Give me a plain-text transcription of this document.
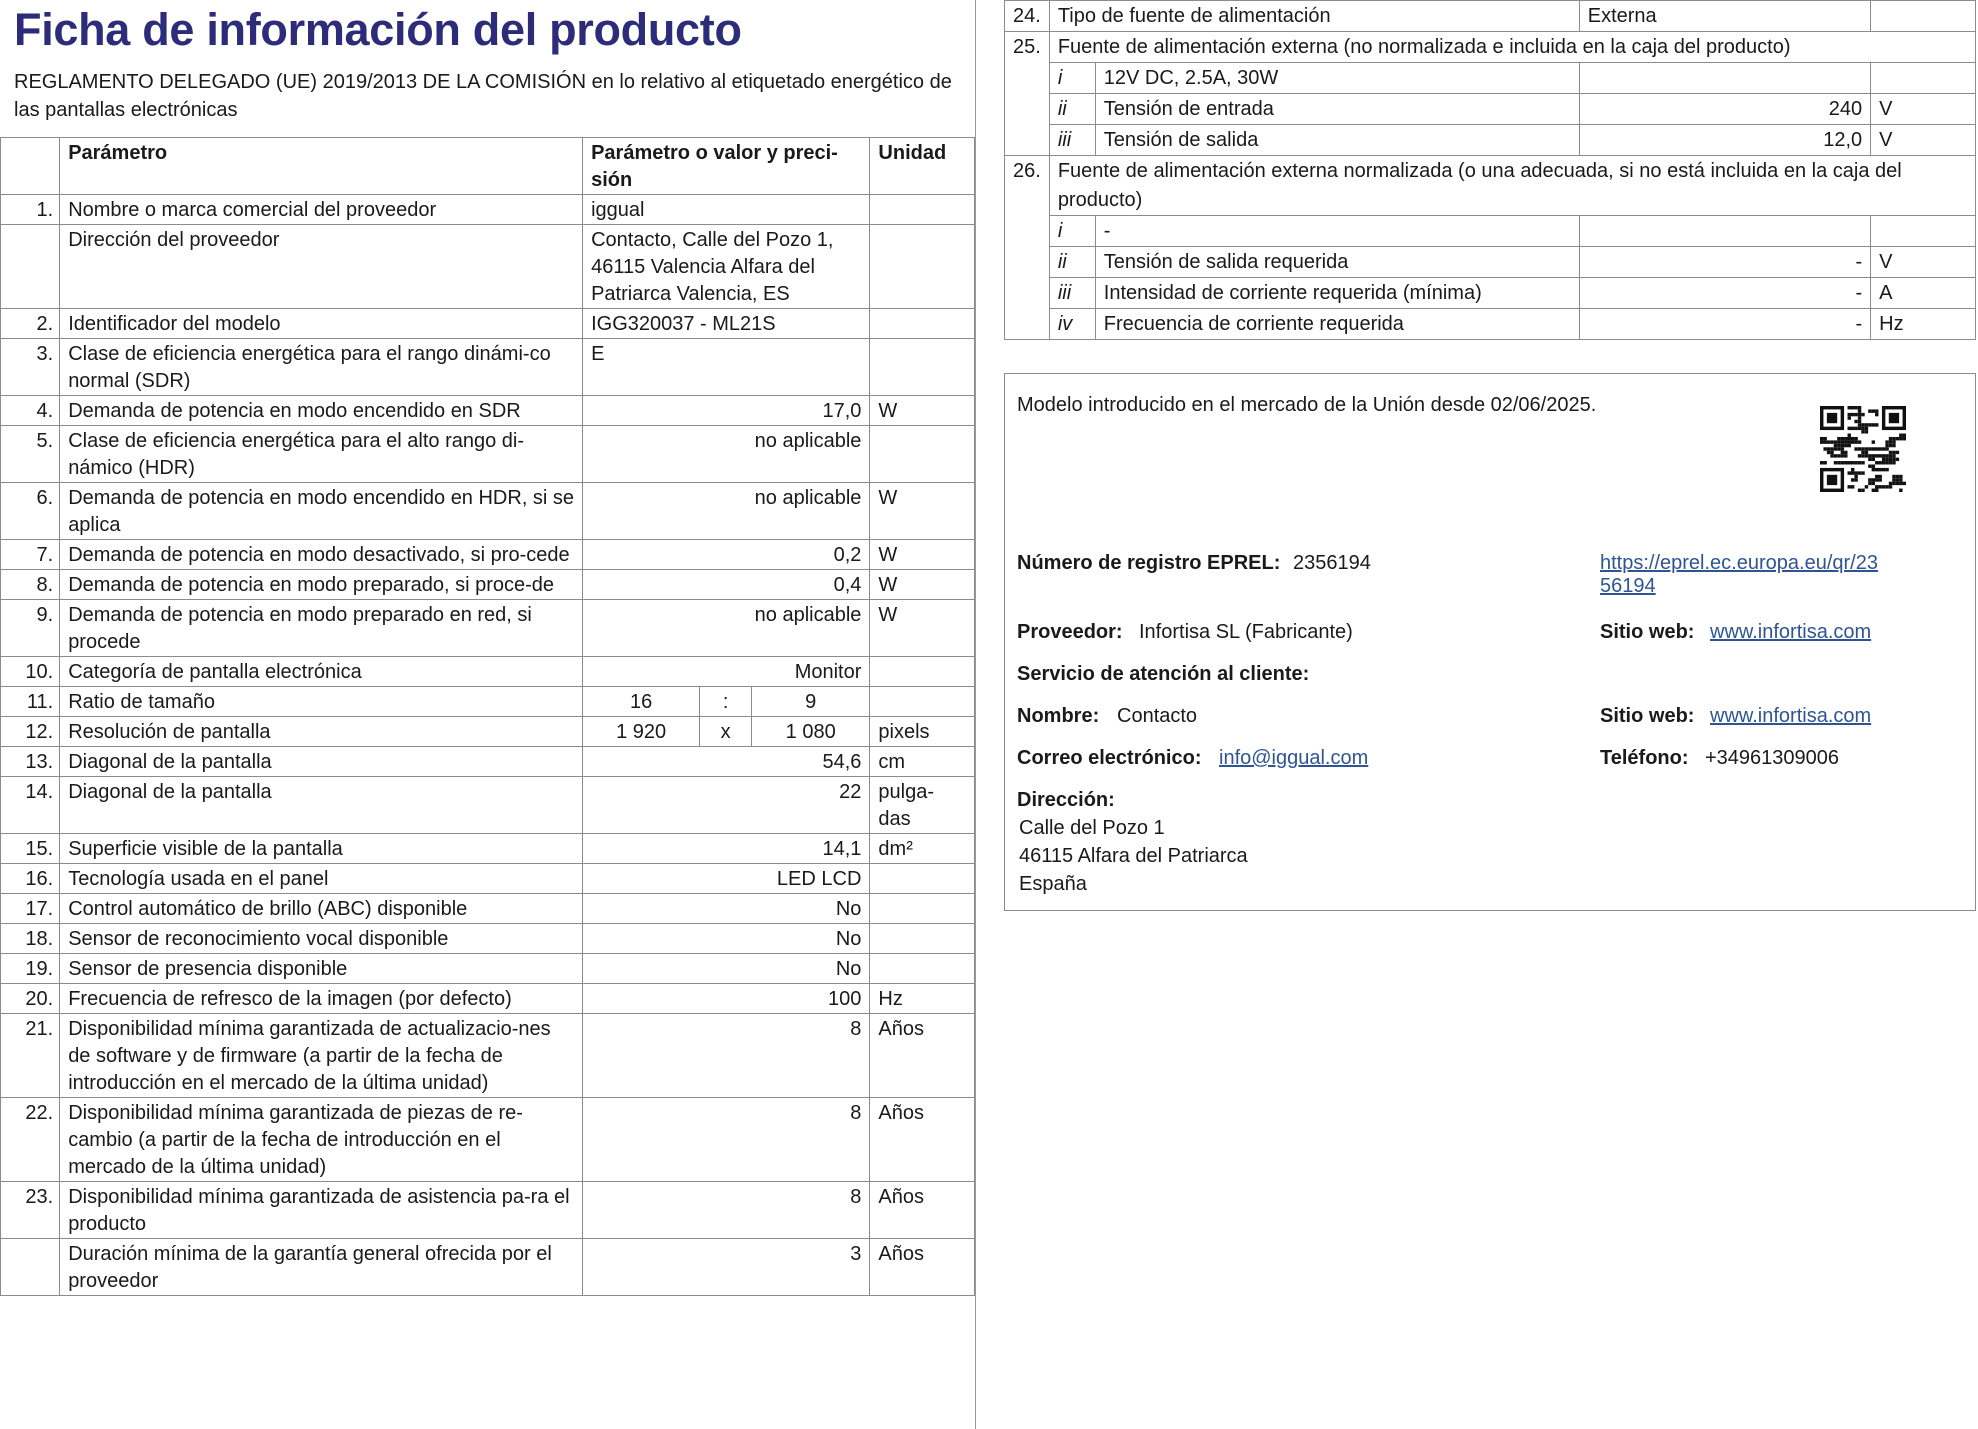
Ficha de información del producto
REGLAMENTO DELEGADO (UE) 2019/2013 DE LA COMISIÓN en lo relativo al etiquetado energético de las pantallas electrónicas
	Parámetro	Parámetro o valor y preci-sión			Unidad
1.	Nombre o marca comercial del proveedor	iggual			
	Dirección del proveedor	Contacto, Calle del Pozo 1, 46115 Valencia Alfara del Patriarca Valencia, ES			
2.	Identificador del modelo	IGG320037 - ML21S			
3.	Clase de eficiencia energética para el rango dinámi-co normal (SDR)	E			
4.	Demanda de potencia en modo encendido en SDR	17,0			W
5.	Clase de eficiencia energética para el alto rango di-námico (HDR)	no aplicable			
6.	Demanda de potencia en modo encendido en HDR, si se aplica	no aplicable			W
7.	Demanda de potencia en modo desactivado, si pro-cede	0,2			W
8.	Demanda de potencia en modo preparado, si proce-de	0,4			W
9.	Demanda de potencia en modo preparado en red, si procede	no aplicable			W
10.	Categoría de pantalla electrónica	Monitor			
11.	Ratio de tamaño	16	:	9	
12.	Resolución de pantalla	1 920	x	1 080	pixels
13.	Diagonal de la pantalla	54,6			cm
14.	Diagonal de la pantalla	22			pulga-das
15.	Superficie visible de la pantalla	14,1			dm²
16.	Tecnología usada en el panel	LED LCD			
17.	Control automático de brillo (ABC) disponible	No			
18.	Sensor de reconocimiento vocal disponible	No			
19.	Sensor de presencia disponible	No			
20.	Frecuencia de refresco de la imagen (por defecto)	100			Hz
21.	Disponibilidad mínima garantizada de actualizacio-nes de software y de firmware (a partir de la fecha de introducción en el mercado de la última unidad)	8			Años
22.	Disponibilidad mínima garantizada de piezas de re-cambio (a partir de la fecha de introducción en el mercado de la última unidad)	8			Años
23.	Disponibilidad mínima garantizada de asistencia pa-ra el producto	8			Años
	Duración mínima de la garantía general ofrecida por el proveedor	3			Años
24.	Tipo de fuente de alimentación		Externa	
25.	Fuente de alimentación externa (no normalizada e incluida en la caja del producto)			
	i	12V DC, 2.5A, 30W		
	ii	Tensión de entrada	240	V
	iii	Tensión de salida	12,0	V
26.	Fuente de alimentación externa normalizada (o una adecuada, si no está incluida en la caja del producto)			
	i	-		
	ii	Tensión de salida requerida	-	V
	iii	Intensidad de corriente requerida (mínima)	-	A
	iv	Frecuencia de corriente requerida	-	Hz
Modelo introducido en el mercado de la Unión desde 02/06/2025.
Número de registro EPREL: 2356194	https://eprel.ec.europa.eu/qr/23
56194
Proveedor: Infortisa SL (Fabricante)	Sitio web: www.infortisa.com
Servicio de atención al cliente:
Nombre: Contacto	Sitio web: www.infortisa.com
Correo electrónico: info@iggual.com	Teléfono: +34961309006
Dirección:
Calle del Pozo 1
46115 Alfara del Patriarca
España
